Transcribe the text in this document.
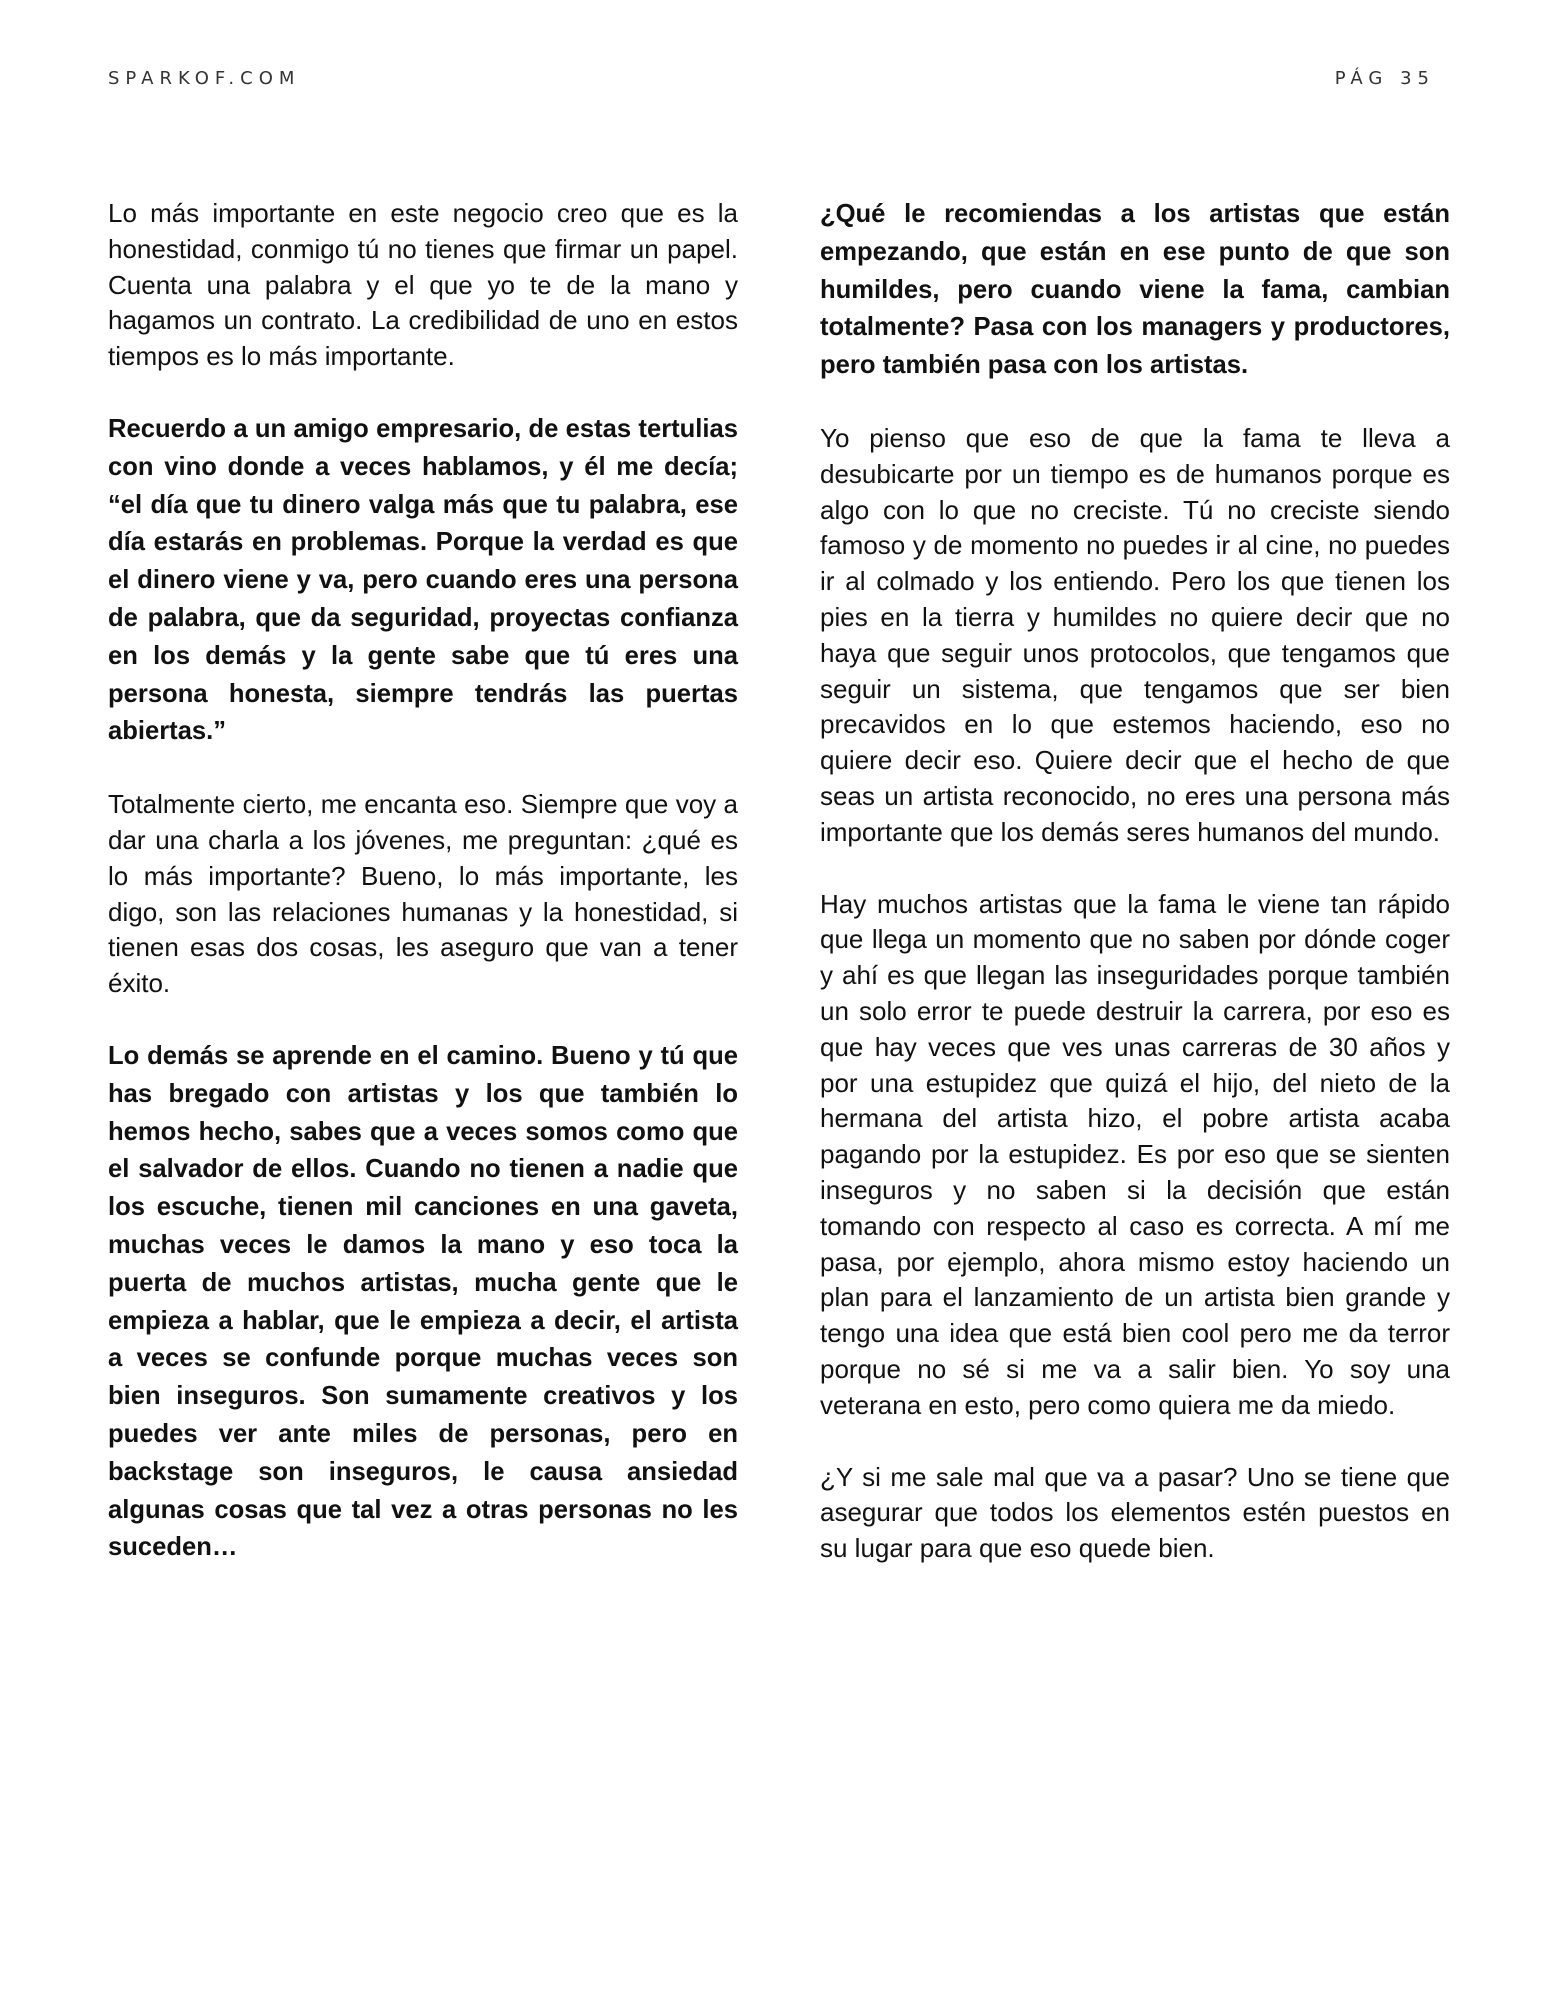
SPARKOF.COM	PÁG 35

Lo más importante en este negocio creo que es la honestidad, conmigo tú no tienes que firmar un papel. Cuenta una palabra y el que yo te de la mano y hagamos un contrato. La credibilidad de uno en estos tiempos es lo más importante.

Recuerdo a un amigo empresario, de estas tertulias con vino donde a veces hablamos, y él me decía; “el día que tu dinero valga más que tu palabra, ese día estarás en problemas. Porque la verdad es que el dinero viene y va, pero cuando eres una persona de palabra, que da seguridad, proyectas confianza en los demás y la gente sabe que tú eres una persona honesta, siempre tendrás las puertas abiertas.”

Totalmente cierto, me encanta eso. Siempre que voy a dar una charla a los jóvenes, me preguntan: ¿qué es lo más importante? Bueno, lo más importante, les digo, son las relaciones humanas y la honestidad, si tienen esas dos cosas, les aseguro que van a tener éxito.

Lo demás se aprende en el camino. Bueno y tú que has bregado con artistas y los que también lo hemos hecho, sabes que a veces somos como que el salvador de ellos. Cuando no tienen a nadie que los escuche, tienen mil canciones en una gaveta, muchas veces le damos la mano y eso toca la puerta de muchos artistas, mucha gente que le empieza a hablar, que le empieza a decir, el artista a veces se confunde porque muchas veces son bien inseguros. Son sumamente creativos y los puedes ver ante miles de personas, pero en backstage son inseguros, le causa ansiedad algunas cosas que tal vez a otras personas no les suceden…

¿Qué le recomiendas a los artistas que están empezando, que están en ese punto de que son humildes, pero cuando viene la fama, cambian totalmente? Pasa con los managers y productores, pero también pasa con los artistas.

Yo pienso que eso de que la fama te lleva a desubicarte por un tiempo es de humanos porque es algo con lo que no creciste. Tú no creciste siendo famoso y de momento no puedes ir al cine, no puedes ir al colmado y los entiendo. Pero los que tienen los pies en la tierra y humildes no quiere decir que no haya que seguir unos protocolos, que tengamos que seguir un sistema, que tengamos que ser bien precavidos en lo que estemos haciendo, eso no quiere decir eso. Quiere decir que el hecho de que seas un artista reconocido, no eres una persona más importante que los demás seres humanos del mundo.

Hay muchos artistas que la fama le viene tan rápido que llega un momento que no saben por dónde coger y ahí es que llegan las inseguridades porque también un solo error te puede destruir la carrera, por eso es que hay veces que ves unas carreras de 30 años y por una estupidez que quizá el hijo, del nieto de la hermana del artista hizo, el pobre artista acaba pagando por la estupidez. Es por eso que se sienten inseguros y no saben si la decisión que están tomando con respecto al caso es correcta. A mí me pasa, por ejemplo, ahora mismo estoy haciendo un plan para el lanzamiento de un artista bien grande y tengo una idea que está bien cool pero me da terror porque no sé si me va a salir bien. Yo soy una veterana en esto, pero como quiera me da miedo.

¿Y si me sale mal que va a pasar? Uno se tiene que asegurar que todos los elementos estén puestos en su lugar para que eso quede bien.
